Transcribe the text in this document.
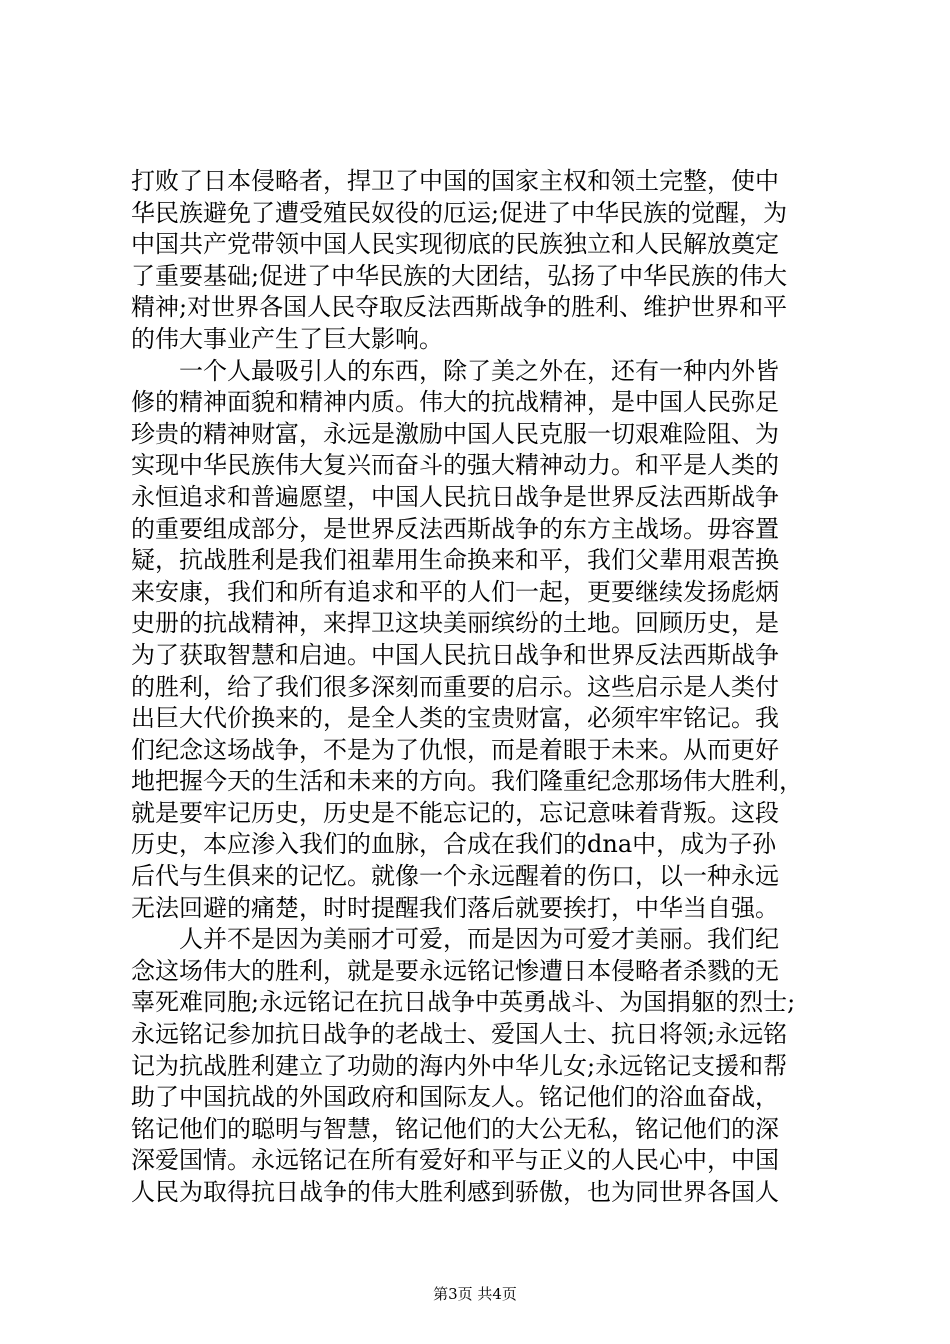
打败了日本侵略者，捍卫了中国的国家主权和领土完整，使中
华民族避免了遭受殖民奴役的厄运;促进了中华民族的觉醒，为
中国共产党带领中国人民实现彻底的民族独立和人民解放奠定
了重要基础;促进了中华民族的大团结，弘扬了中华民族的伟大
精神;对世界各国人民夺取反法西斯战争的胜利、维护世界和平
的伟大事业产生了巨大影响。
　　一个人最吸引人的东西，除了美之外在，还有一种内外皆
修的精神面貌和精神内质。伟大的抗战精神，是中国人民弥足
珍贵的精神财富，永远是激励中国人民克服一切艰难险阻、为
实现中华民族伟大复兴而奋斗的强大精神动力。和平是人类的
永恒追求和普遍愿望，中国人民抗日战争是世界反法西斯战争
的重要组成部分，是世界反法西斯战争的东方主战场。毋容置
疑，抗战胜利是我们祖辈用生命换来和平，我们父辈用艰苦换
来安康，我们和所有追求和平的人们一起，更要继续发扬彪炳
史册的抗战精神，来捍卫这块美丽缤纷的土地。回顾历史，是
为了获取智慧和启迪。中国人民抗日战争和世界反法西斯战争
的胜利，给了我们很多深刻而重要的启示。这些启示是人类付
出巨大代价换来的，是全人类的宝贵财富，必须牢牢铭记。我
们纪念这场战争，不是为了仇恨，而是着眼于未来。从而更好
地把握今天的生活和未来的方向。我们隆重纪念那场伟大胜利，
就是要牢记历史，历史是不能忘记的，忘记意味着背叛。这段
历史，本应渗入我们的血脉，合成在我们的dna中，成为子孙
后代与生俱来的记忆。就像一个永远醒着的伤口，以一种永远
无法回避的痛楚，时时提醒我们落后就要挨打，中华当自强。
　　人并不是因为美丽才可爱，而是因为可爱才美丽。我们纪
念这场伟大的胜利，就是要永远铭记惨遭日本侵略者杀戮的无
辜死难同胞;永远铭记在抗日战争中英勇战斗、为国捐躯的烈士;
永远铭记参加抗日战争的老战士、爱国人士、抗日将领;永远铭
记为抗战胜利建立了功勋的海内外中华儿女;永远铭记支援和帮
助了中国抗战的外国政府和国际友人。铭记他们的浴血奋战，
铭记他们的聪明与智慧，铭记他们的大公无私，铭记他们的深
深爱国情。永远铭记在所有爱好和平与正义的人民心中，中国
人民为取得抗日战争的伟大胜利感到骄傲，也为同世界各国人
第3页 共4页
